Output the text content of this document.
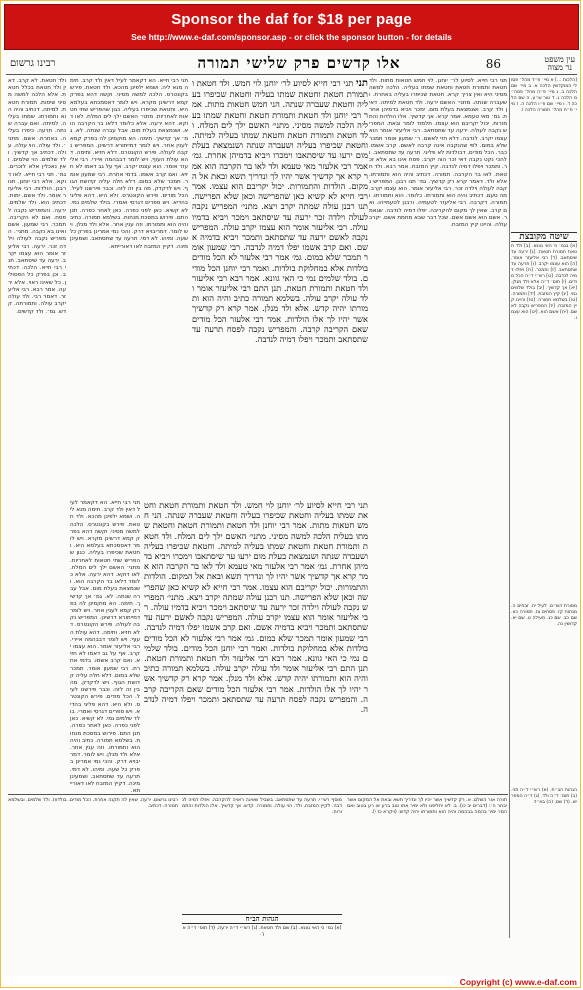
Sponsor the daf for $18 per page
See http://www.e-daf.com/sponsor.asp - or click the sponsor button - for details
עין משפט
נר מצוה
86
אלו קדשים פרק שלישי תמורה
רבינו גרשום
[הלכות ...] א מיי׳ פ״ד מהל׳ פסולי המוקדשין הלכה א. ב מיי׳ שם הלכה ב. ג מיי׳ פ״ה מהל׳ פסה״מ הלכה ג. ד טור ש״ע. ה שם הלכה ד. ו מיי׳ שם פ״ו הלכה ה. ז מיי׳ פ״ח מהל׳ תמורה הלכה ז.
שיטה מקובצת
[א] בגמ׳ כי האי גוונא. [ב] ולד חטאת תמורת חטאת. [ג] ירעה עד שיסתאב. [ד] רבי אליעזר אומר. [ה] הוא עצמו יקרב. [ו] תרעה עד שתסתאב. [ז] ותמכר. [ח] ויפלו דמיה לנדבה. [ט] רש״י ד״ה הכל מודים. [י] תוס׳ ד״ה אלא ולד מנלן. [יא] אך קדשיך. [יב] בולד שלמים נמי. [יג] קיץ המזבח. [יד] ותמורה. [טו] בשלמא תמורה. [טז] והיינו קיץ המזבח. [יז] המפריש נקבה לאשם. [יח] אשם הוא. [יט] הוא עצמו.
מסורת הש״ס. לעיל יח. זבחים ה. מנחות קז. פסחים צז. תמורה כא. שם כב. שם כג. מעילה ט. שם יא. קדושין נה.
הגהות הב״ח. (א) רש״י ד״ה תני. (ב) תוס׳ ד״ה ולד. (ג) ד״ה המפריש. (ד) שם. (ה) בא״ד.
תני רבי חייא. לסיוע לר׳ יוחנן. לוי חמש חטאות מתות. ולד חטאת ותמורת חטאת וחטאת שמתו בעליה. הלכה למשה מסיני היא ואין צריך קרא. חטאת שכיפרו בעליה באחרת. ושעברה שנתה. מתני׳ האשם ירעה. ולד חטאת למיתה. דאין ולד קרב. ושנמצאת בעלת מום. ימכר ויביא בדמיהן אחרת. גמ׳ מאי טעמא. אמר קרא. אך קדשיך. אלו הולדות והתמורות. יכול יקריבם הוא עצמו. תלמוד לומר ובאת. המפריש נקבה לעולה. ירעה עד שתסתאב. רבי אליעזר אומר הוא עצמו יקרב. לנדבה. דלא חזי לאשם. ר׳ שמעון אומר תמכר שלא במום. לפי שהנקבה אינה קרבה לאשם. קרב אשמו. כבר. הכל מודים. דבולדות לא פליגי. תרעה עד שתסתאב. ולהכי נקט נקבה דאי זכר הוה יקרב. פסח אינו בא אלא זכר. ותמכר ויפלו דמיה לנדבה. קיץ המזבח. אמר רבא. ולד חטאת. לאו בר הקרבה. תמורה. דכתיב והיה הוא ותמורתו. אלא ולד. דאמר קרא רק קדשיך. גמ׳ תנו רבנן. המפריש נקבה לעולה וילדה זכר. רבי אליעזר אומר. הוא עצמו יקרב. מה טעם. דכתיב והיה הוא ותמורתו. כלומר. הוא ותמורתו. ותמורה. דקרבה. רבי אליעזר לטעמיה. ורבנן לטעמייהו. ואם קרב. שאין לך מקום להקריבה. יפלו דמיה לנדבה. שנאמר. אשם הוא אשם אשם. שכל דבר שבא מחמת אשם. יקרב עולה. והיינו קיץ המזבח.
תני תני רבי חייא לסיוע לר׳ יוחנן לוי חמש. ולד חטאת ותמורת חטאת וחטאת שמתו בעליה וחטאת שכיפרו בעליה וחטאת שעברה שנתה. הני חמש חטאות מתות. אמר רבי יוחנן ולד חטאת ותמורת חטאת וחטאת שמתו בעליה הלכה למשה מסיני. מתני׳ האשם ילך לים המלח. ולד חטאת ותמורת חטאת וחטאת שמתו בעליה למיתה. וחטאת שכיפרו בעליה ושעברה שנתה ושנמצאת בעלת מום ירעו עד שיסתאבו וימכרו ויביא בדמיהן אחרת. גמ׳ אמר רבי אלעזר מאי טעמא ולד לאו בר הקרבה הוא אמר קרא אך קדשיך אשר יהיו לך ונדריך תשא ובאת אל המקום. הולדות והתמורות. יכול יקריבם הוא עצמו. אמר רבי חייא לא קשיא כאן שהפרישה וכאן שלא הפרישה. תנו רבנן עולה שמתה יקרב ויצא. מתני׳ המפריש נקבה לעולה וילדה זכר ירעה עד שיסתאב וימכר ויביא בדמיו עולה. רבי אליעזר אומר הוא עצמו יקרב עולה. המפריש נקבה לאשם ירעה עד שתסתאב ותמכר ויביא בדמיה אשם. ואם קרב אשמו יפלו דמיה לנדבה. רבי שמעון אומר תמכר שלא במום. גמ׳ אמר רבי אלעזר לא הכל מודים בולדות אלא במחלוקת בולדות. ואמר רבי יוחנן הכל מודים. בולד שלמים נמי כי האי גוונא. אמר רבא רבי אליעזר ולד חטאת ותמורת חטאת. תנן התם רבי אליעזר אומר ולד עולה יקרב עולה. בשלמא תמורה כתיב והיה הוא ותמורתו יהיה קדש. אלא ולד מנלן. אמר קרא רק קדשיך אשר יהיו לך אלו הולדות. אמר רבי אלעזר הכל מודים שאם הקריבה קרבה. והמפריש נקבה לפסח תרעה עד שתסתאב ותמכר ויפלו דמיה לנדבה.
תני רבי חייא לסיוע לר׳ יוחנן לוי חמש. ולד חטאת ותמורת חטאת וחטאת שמתו בעליה וחטאת שכיפרו בעליה וחטאת שעברה שנתה. הני חמש חטאות מתות. אמר רבי יוחנן ולד חטאת ותמורת חטאת וחטאת שמתו בעליה הלכה למשה מסיני. מתני׳ האשם ילך לים המלח. ולד חטאת ותמורת חטאת וחטאת שמתו בעליה למיתה. וחטאת שכיפרו בעליה ושעברה שנתה ושנמצאת בעלת מום ירעו עד שיסתאבו וימכרו ויביא בדמיהן אחרת. גמ׳ אמר רבי אלעזר מאי טעמא ולד לאו בר הקרבה הוא אמר קרא אך קדשיך אשר יהיו לך ונדריך תשא ובאת אל המקום. הולדות והתמורות. יכול יקריבם הוא עצמו. אמר רבי חייא לא קשיא כאן שהפרישה וכאן שלא הפרישה. תנו רבנן עולה שמתה יקרב ויצא. מתני׳ המפריש נקבה לעולה וילדה זכר ירעה עד שיסתאב וימכר ויביא בדמיו עולה. רבי אליעזר אומר הוא עצמו יקרב עולה. המפריש נקבה לאשם ירעה עד שתסתאב ותמכר ויביא בדמיה אשם. ואם קרב אשמו יפלו דמיה לנדבה. רבי שמעון אומר תמכר שלא במום. גמ׳ אמר רבי אלעזר לא הכל מודים בולדות אלא במחלוקת בולדות. ואמר רבי יוחנן הכל מודים. בולד שלמים נמי כי האי גוונא. אמר רבא רבי אליעזר ולד חטאת ותמורת חטאת. תנן התם רבי אליעזר אומר ולד עולה יקרב עולה. בשלמא תמורה כתיב והיה הוא ותמורתו יהיה קדש. אלא ולד מנלן. אמר קרא רק קדשיך אשר יהיו לך אלו הולדות. אמר רבי אלעזר הכל מודים שאם הקריבה קרבה. והמפריש נקבה לפסח תרעה עד שתסתאב ותמכר ויפלו דמיה לנדבה.
תני רבי חייא. הא דקאמר לעיל דאין ולד קרב. תימה מנא ליה. ושמא ילפינן מהכא. ולד חטאת. פירש בקונטרס. הלכה למשה מסיני. וקשה דהא בפרק קמא דרשינן מקרא. ויש לומר דאסמכתא בעלמא היא. וחטאת שכיפרו בעליה. כגון שהפריש שתי חטאות לאחריות. מתני׳ האשם ילך לים המלח. לאו דוקא. דהא ירעה. אלא כלומר דלאו בר הקרבה הוא. ושנמצאת בעלת מום. אבל עברה שנתה. לא. גמ׳ אך קדשיך. תימה. הא מוקמינן לה בפרק קמא לענין אחר. ויש לומר דמייתורא דרשינן. המפריש נקבה לעולה. פירש הקונטרס. דלא חזיא. ותימה. דהא עולת העוף. ויש לומר דבבהמה איירי. רבי אליעזר אומר. הוא עצמו יקרב. אף על גב דאמו לא חזיא. ואם קרב אשמו. בדמי אחרת. רבי שמעון אומר. תמכר שלא במום. דלא חלה עליה קדושת הגוף. ויש לדקדק. מה בין זה לזה. וכבר פירשנו לעיל. הכל מודים. פירש הקונטרס. ולא היא. דהא פליגי בהדיא. ויש ספרים דגרסי ואמרי. בולד שלמים נמי. לא קשיא. כאן לפני כפרה. כאן לאחר כפרה. תנן התם. פירוש במסכת מנחות. בשלמא תמורה. כתיב והיה הוא ותמורתו. וזה ענין אחר. אלא ולד מנלן. ויש לומר. דמריבויא דרק. והכי נמי אמרינן בפרק כל שעה. ומיהו. לא דמי. תרעה עד שתסתאב. ושמעינן מינה. דקיץ המזבח לאו דאורייתא.
תני רבי חייא. הא דקאמר לעיל דאין ולד קרב. תימה מנא ליה. ושמא ילפינן מהכא. ולד חטאת. פירש בקונטרס. הלכה למשה מסיני. וקשה דהא בפרק קמא דרשינן מקרא. ויש לומר דאסמכתא בעלמא היא. וחטאת שכיפרו בעליה. כגון שהפריש שתי חטאות לאחריות. מתני׳ האשם ילך לים המלח. לאו דוקא. דהא ירעה. אלא כלומר דלאו בר הקרבה הוא. ושנמצאת בעלת מום. אבל עברה שנתה. לא. גמ׳ אך קדשיך. תימה. הא מוקמינן לה בפרק קמא לענין אחר. ויש לומר דמייתורא דרשינן. המפריש נקבה לעולה. פירש הקונטרס. דלא חזיא. ותימה. דהא עולת העוף. ויש לומר דבבהמה איירי. רבי אליעזר אומר. הוא עצמו יקרב. אף על גב דאמו לא חזיא. ואם קרב אשמו. בדמי אחרת. רבי שמעון אומר. תמכר שלא במום. דלא חלה עליה קדושת הגוף. ויש לדקדק. מה בין זה לזה. וכבר פירשנו לעיל. הכל מודים. פירש הקונטרס. ולא היא. דהא פליגי בהדיא. ויש ספרים דגרסי ואמרי. בולד שלמים נמי. לא קשיא. כאן לפני כפרה. כאן לאחר כפרה. תנן התם. פירוש במסכת מנחות. בשלמא תמורה. כתיב והיה הוא ותמורתו. וזה ענין אחר. אלא ולד מנלן. ויש לומר. דמריבויא דרק. והכי נמי אמרינן בפרק כל שעה. ומיהו. לא דמי. תרעה עד שתסתאב. ושמעינן מינה. דקיץ המזבח לאו דאורייתא.
ולד חטאת. לא קרב. דאין ולד חטאת בכלל חטאת. אלא הלכה למשה מסיני שימות. תמורת חטאת. למיתה. דכתיב והיה הוא ותמורתו. שמתו בעליה. למיתה. ואם עברה שנתה. תרעה. כיפרו בעליה. באחרת. אשם. מתני׳. ולד עולה. הוי עולה. עולה. דכתיב אך קדשיך. ולד שלמים. הוי שלמים. ואין נאכלין אלא לזכרים. גמ׳. תני רבי חייא. לאו דוקא. אלא רבי יוחנן. תנו רבנן. הולדות. רבי אליעזר אומר. ולד אשם. ימות. דכתיב הוא. ולד שלמים. ירעה. והמפריש נקבה לפסח. ואם לא הקריבה. תמכר. רבי שמעון. אשם ואינו בא נקבה. מתני׳. המפריש נקבה לעולה וילדה זכר. ירעה. רבי אליעזר אומר הוא עצמו יקרב. ירעה עד שיסתאב. תני רבי חייא. הלכה. דכתיב. וכן בפרק כל הפסולין. כל שאינו ראוי. אלא ירעה. אמר רבא. רבי אליעזר. דאמר רבי. ולד עולה יקרב עולה. ותמורתה. קדש. גמ׳. ולד קדשים.
תורה אור השלם. א. רק קדשיך אשר יהיו לך ונדריך תשא ובאת אל המקום אשר יבחר ה׳: (דברים יב כו). ב. לא יחליפנו ולא ימיר אתו טוב ברע או רע בטוב ואם המר ימיר בהמה בבהמה והיה הוא ותמורתו יהיה קדש: (ויקרא כז י).
מוסף רש״י. תרעה עד שתסתאב. בשביל שאינה ראויה להקרבה. ויפלו דמיה לנדבה. לקיץ המזבח. ולד. הוי עולה. ותמורה. קדש. אך קדשיך. אלו הולדות והתמורות.
רבינו גרשום. ירעה. שאין לה תקנה אחרת. הכל מודים. בולדות. ולד שלמים. ובשלמא תמורה. דכתיב.
הגהות הב״ח
(א) גמ׳ כי האי גוונא. (ב) שם ולד חטאת. (ג) רש״י ד״ה ירעה. (ד) תוס׳ ד״ה אך.
Copyright (c) www.e-daf.com
